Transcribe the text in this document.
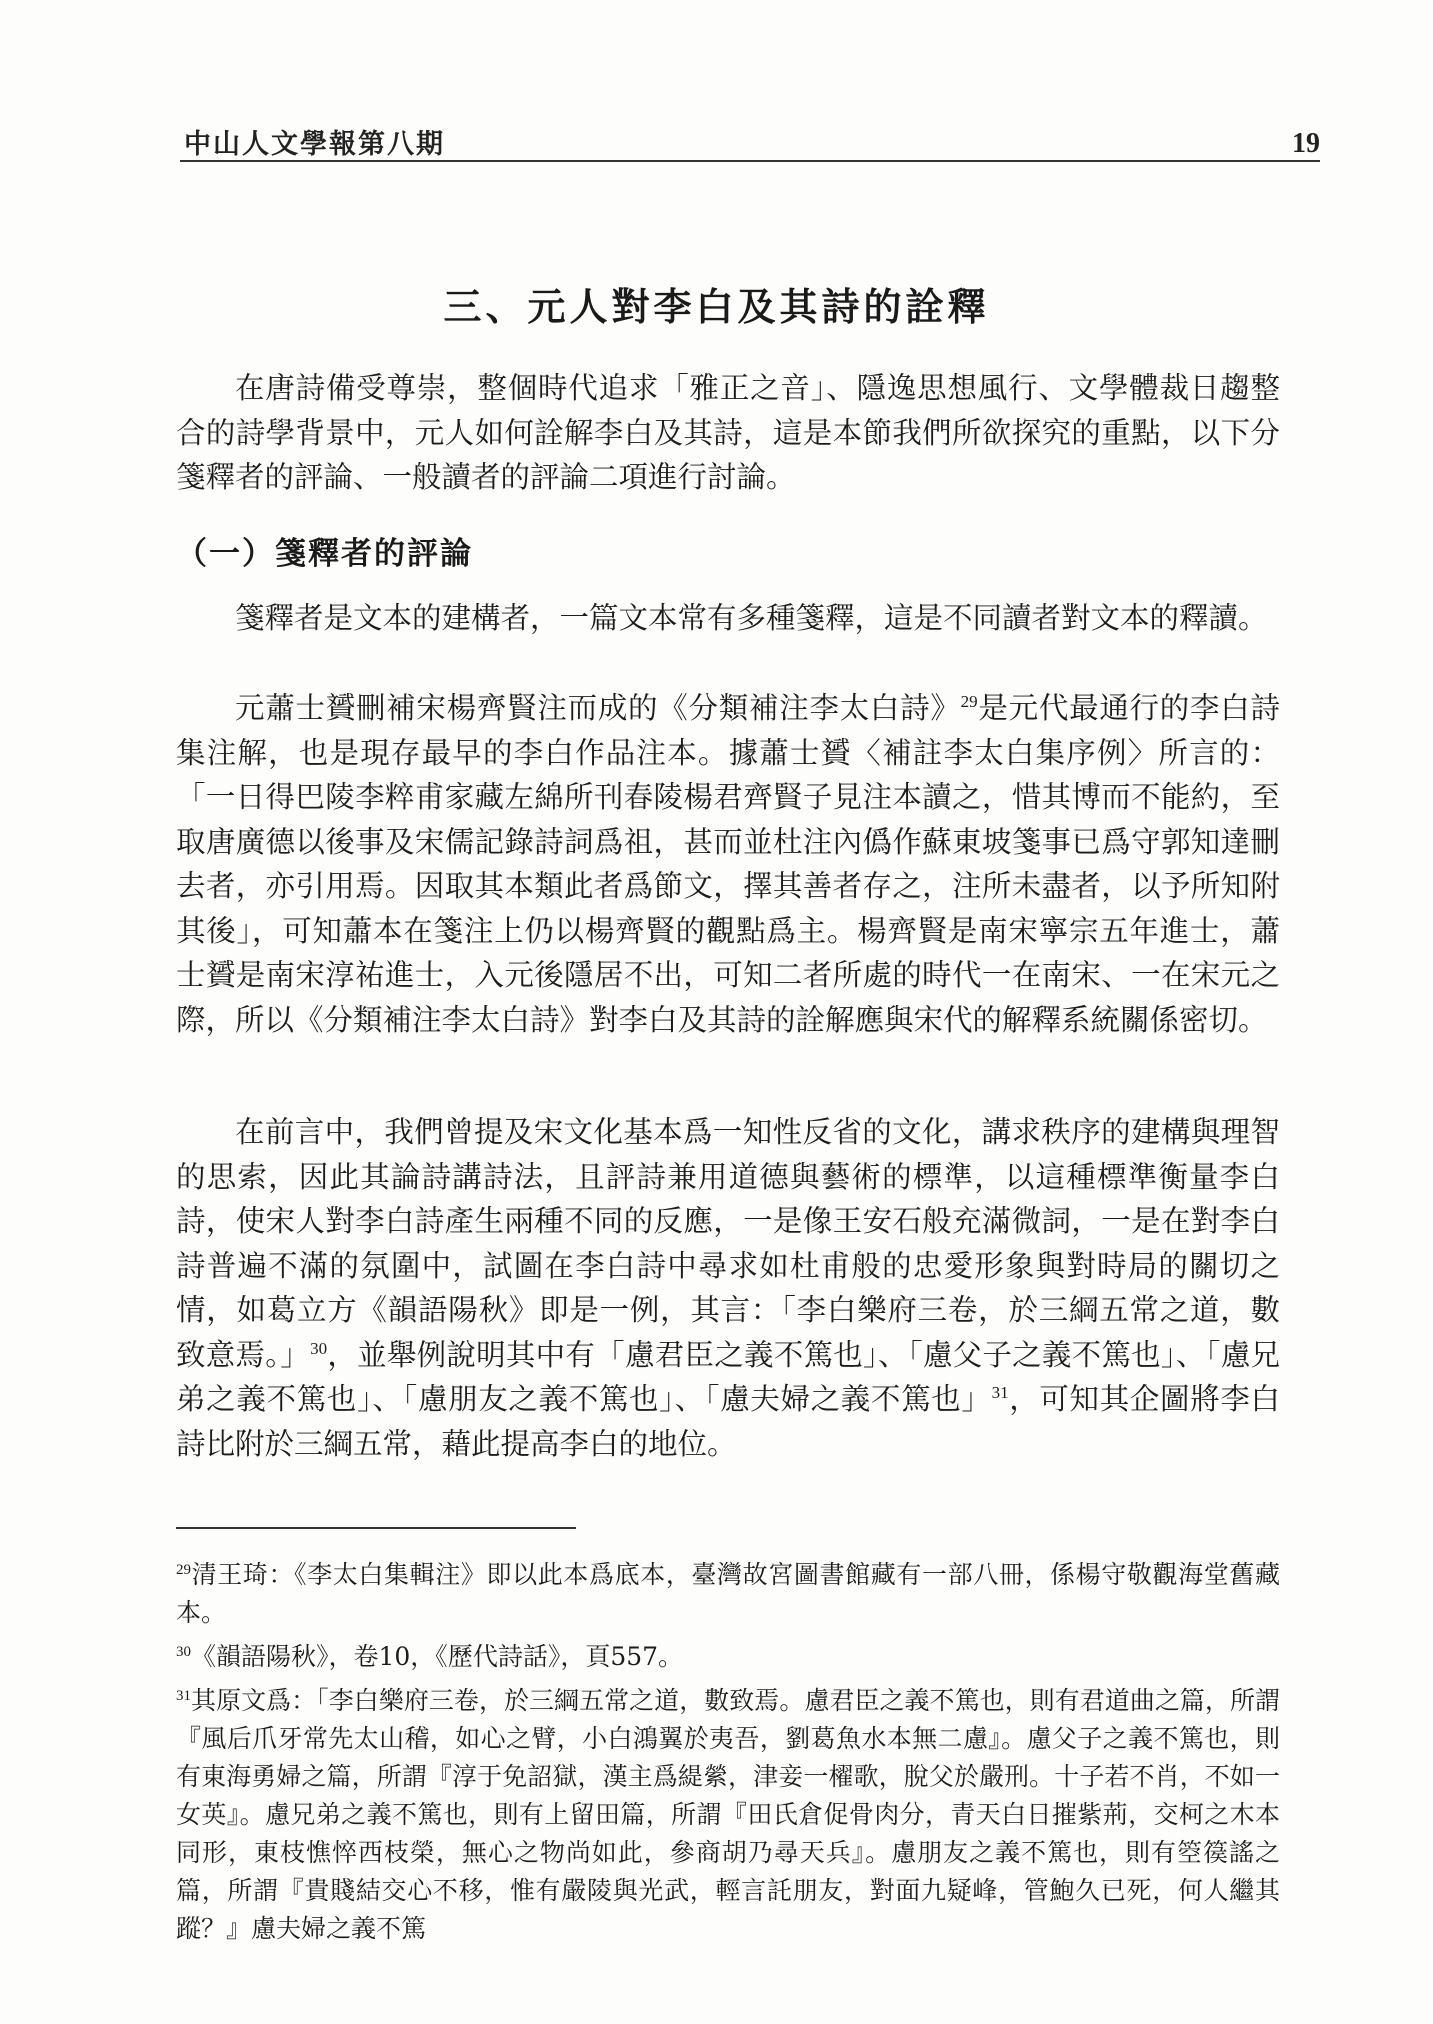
中山人文學報第八期	19
三、元人對李白及其詩的詮釋

在唐詩備受尊崇，整個時代追求「雅正之音」、隱逸思想風行、文學體裁日趨整合的詩學背景中，元人如何詮解李白及其詩，這是本節我們所欲探究的重點，以下分箋釋者的評論、一般讀者的評論二項進行討論。

（一）箋釋者的評論

箋釋者是文本的建構者，一篇文本常有多種箋釋，這是不同讀者對文本的釋讀。

元蕭士贇刪補宋楊齊賢注而成的《分類補注李太白詩》$^{29}$是元代最通行的李白詩集注解，也是現存最早的李白作品注本。據蕭士贇〈補註李太白集序例〉所言的：「一日得巴陵李粹甫家藏左綿所刊春陵楊君齊賢子見注本讀之，惜其博而不能約，至取唐廣德以後事及宋儒記錄詩詞爲祖，甚而並杜注內僞作蘇東坡箋事已爲守郭知達刪去者，亦引用焉。因取其本類此者爲節文，擇其善者存之，注所未盡者，以予所知附其後」，可知蕭本在箋注上仍以楊齊賢的觀點爲主。楊齊賢是南宋寧宗五年進士，蕭士贇是南宋淳祐進士，入元後隱居不出，可知二者所處的時代一在南宋、一在宋元之際，所以《分類補注李太白詩》對李白及其詩的詮解應與宋代的解釋系統關係密切。

在前言中，我們曾提及宋文化基本爲一知性反省的文化，講求秩序的建構與理智的思索，因此其論詩講詩法，且評詩兼用道德與藝術的標準，以這種標準衡量李白詩，使宋人對李白詩產生兩種不同的反應，一是像王安石般充滿微詞，一是在對李白詩普遍不滿的氛圍中，試圖在李白詩中尋求如杜甫般的忠愛形象與對時局的關切之情，如葛立方《韻語陽秋》即是一例，其言：「李白樂府三卷，於三綱五常之道，數致意焉。」$^{30}$，並舉例說明其中有「慮君臣之義不篤也」、「慮父子之義不篤也」、「慮兄弟之義不篤也」、「慮朋友之義不篤也」、「慮夫婦之義不篤也」$^{31}$，可知其企圖將李白詩比附於三綱五常，藉此提高李白的地位。

$^{29}$清王琦：《李太白集輯注》即以此本爲底本，臺灣故宮圖書館藏有一部八冊，係楊守敬觀海堂舊藏本。

$^{30}$《韻語陽秋》，卷10，《歷代詩話》，頁557。

$^{31}$其原文爲：「李白樂府三卷，於三綱五常之道，數致焉。慮君臣之義不篤也，則有君道曲之篇，所謂『風后爪牙常先太山稽，如心之臂，小白鴻翼於夷吾，劉葛魚水本無二慮』。慮父子之義不篤也，則有東海勇婦之篇，所謂『淳于免詔獄，漢主爲緹縈，津妾一櫂歌，脫父於嚴刑。十子若不肖，不如一女英』。慮兄弟之義不篤也，則有上留田篇，所謂『田氏倉促骨肉分，青天白日摧紫荊，交柯之木本同形，東枝憔悴西枝榮，無心之物尚如此，參商胡乃尋天兵』。慮朋友之義不篤也，則有箜篌謠之篇，所謂『貴賤結交心不移，惟有嚴陵與光武，輕言託朋友，對面九疑峰，管鮑久已死，何人繼其蹤？』慮夫婦之義不篤
